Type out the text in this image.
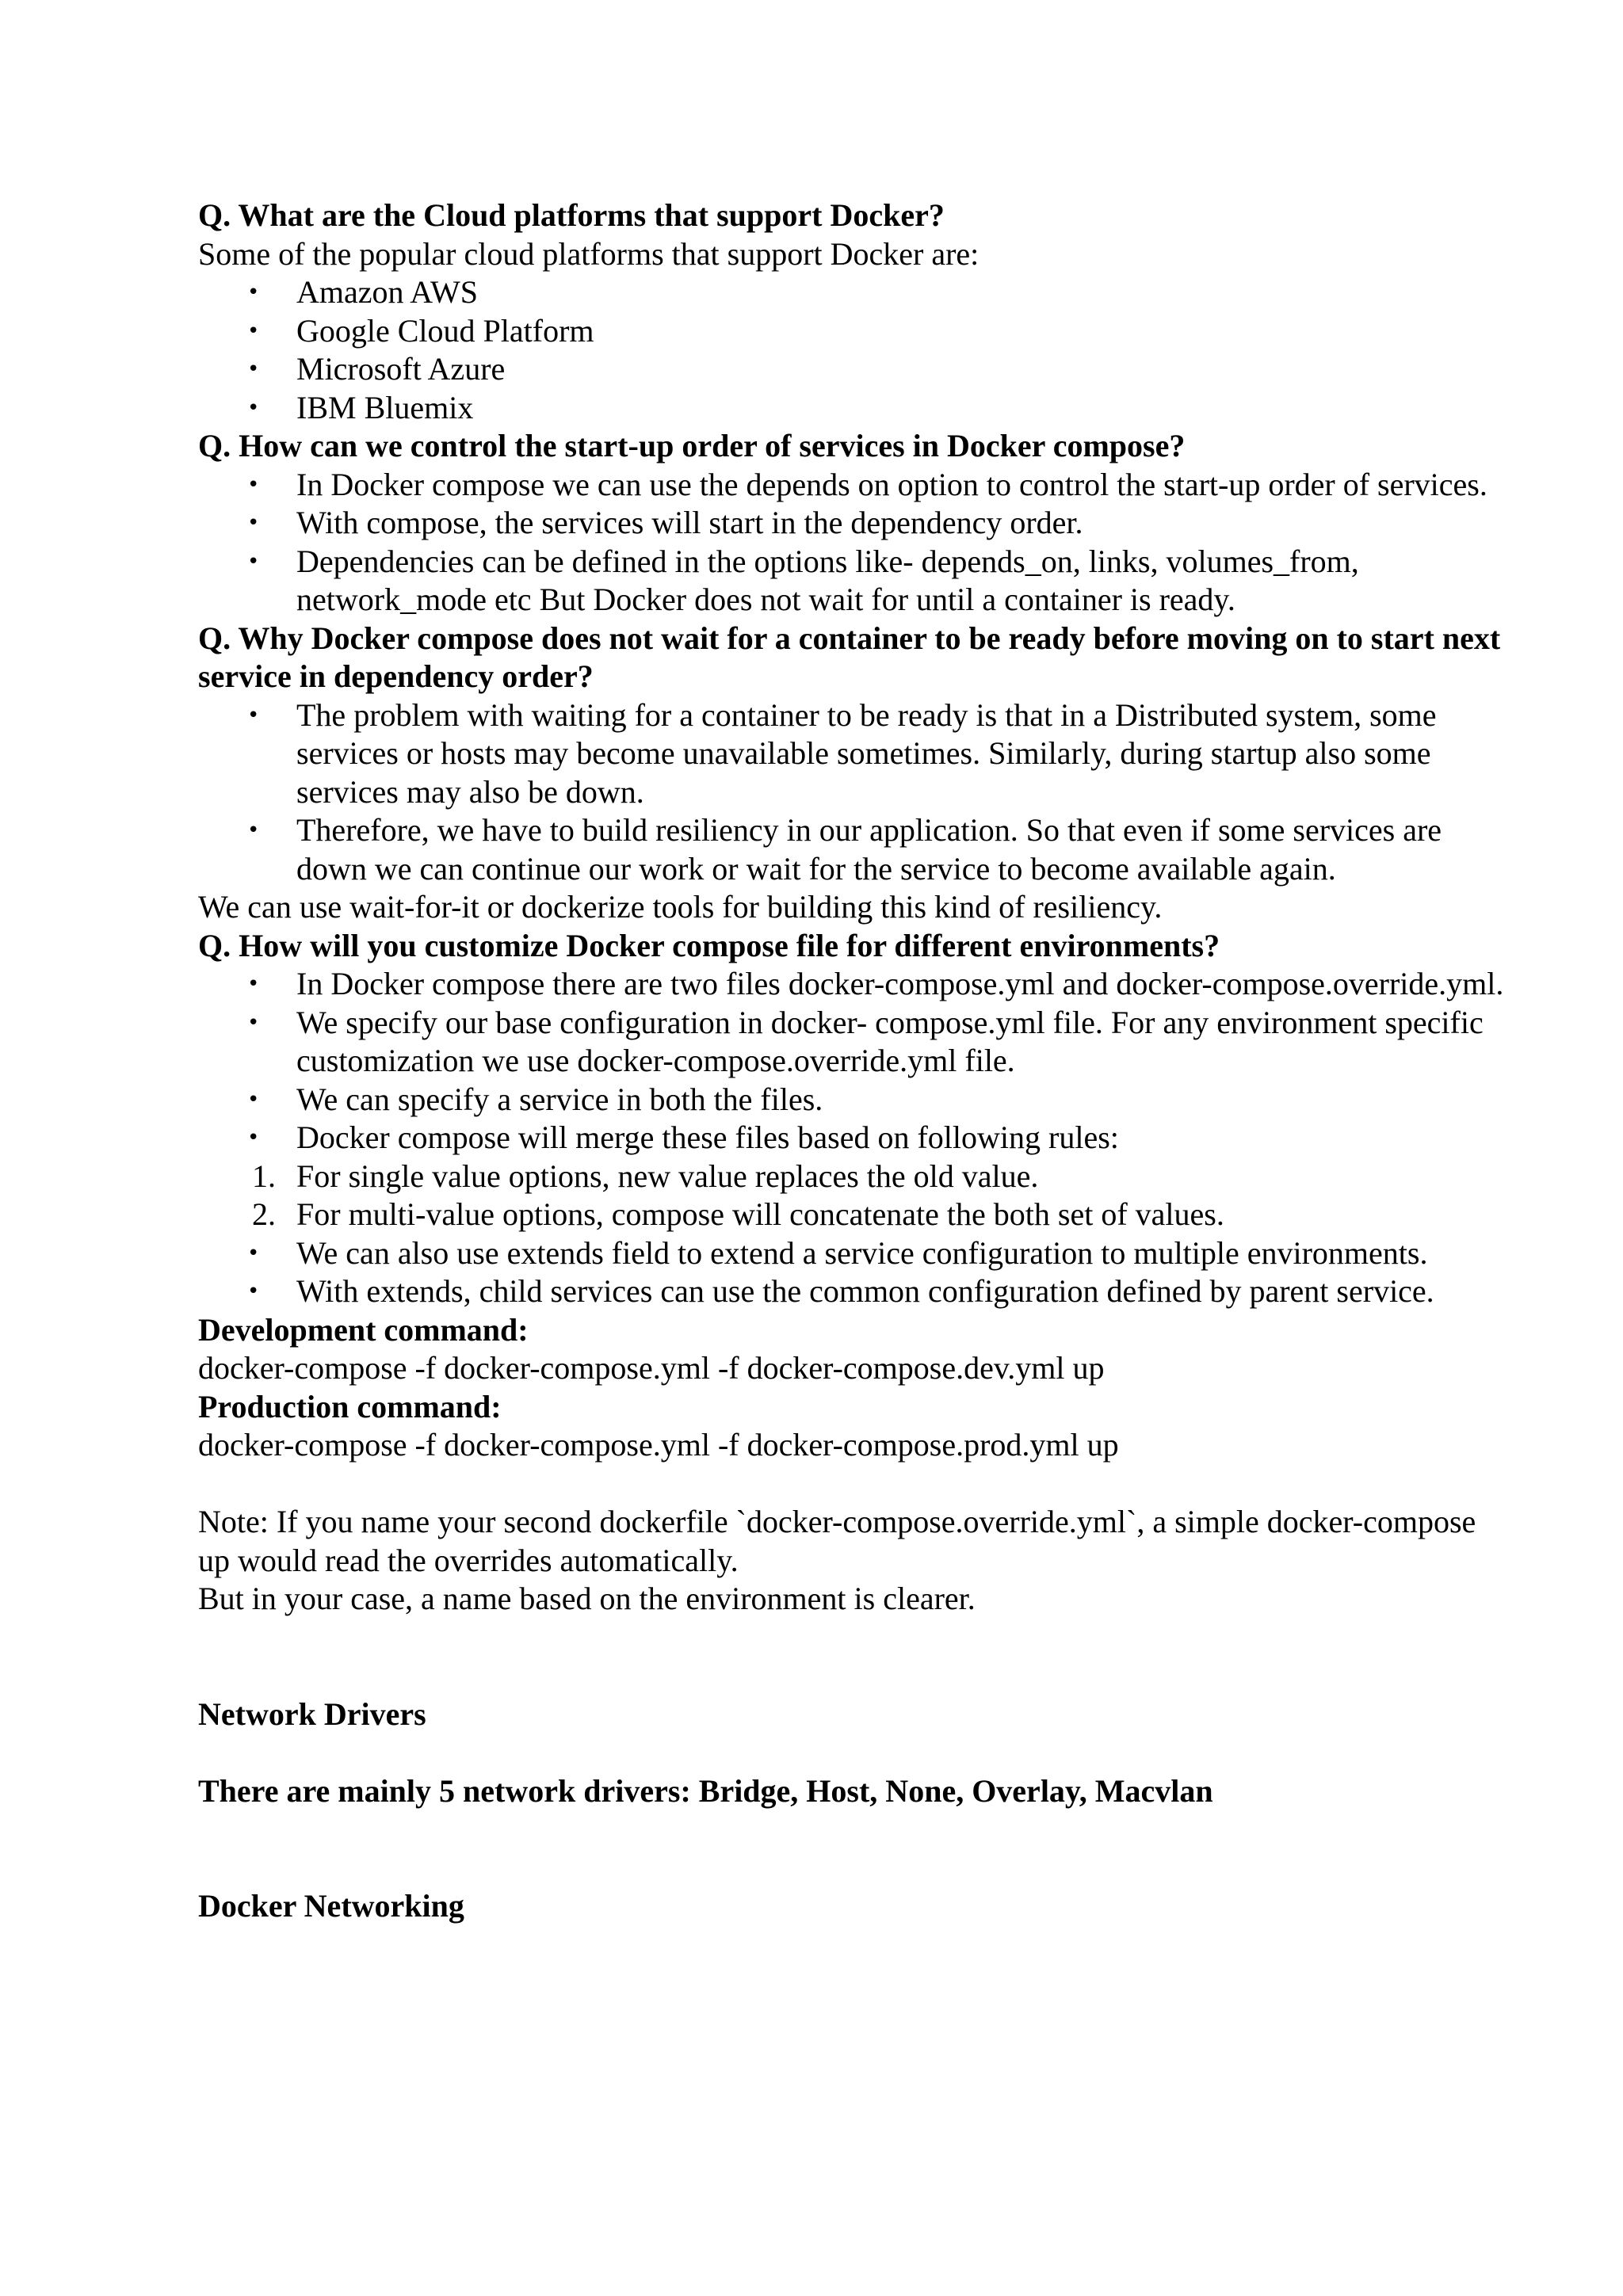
Q. What are the Cloud platforms that support Docker?

Some of the popular cloud platforms that support Docker are:

• Amazon AWS
• Google Cloud Platform
• Microsoft Azure
• IBM Bluemix

Q. How can we control the start-up order of services in Docker compose?

• In Docker compose we can use the depends on option to control the start-up order of services.
• With compose, the services will start in the dependency order.
• Dependencies can be defined in the options like- depends_on, links, volumes_from, network_mode etc But Docker does not wait for until a container is ready.

Q. Why Docker compose does not wait for a container to be ready before moving on to start next service in dependency order?

• The problem with waiting for a container to be ready is that in a Distributed system, some services or hosts may become unavailable sometimes. Similarly, during startup also some services may also be down.
• Therefore, we have to build resiliency in our application. So that even if some services are down we can continue our work or wait for the service to become available again.

We can use wait-for-it or dockerize tools for building this kind of resiliency.

Q. How will you customize Docker compose file for different environments?

• In Docker compose there are two files docker-compose.yml and docker-compose.override.yml.
• We specify our base configuration in docker- compose.yml file. For any environment specific customization we use docker-compose.override.yml file.
• We can specify a service in both the files.
• Docker compose will merge these files based on following rules:
1. For single value options, new value replaces the old value.
2. For multi-value options, compose will concatenate the both set of values.
• We can also use extends field to extend a service configuration to multiple environments.
• With extends, child services can use the common configuration defined by parent service.

Development command:

docker-compose -f docker-compose.yml -f docker-compose.dev.yml up

Production command:

docker-compose -f docker-compose.yml -f docker-compose.prod.yml up

Note: If you name your second dockerfile `docker-compose.override.yml`, a simple docker-compose up would read the overrides automatically.

But in your case, a name based on the environment is clearer.

Network Drivers

There are mainly 5 network drivers: Bridge, Host, None, Overlay, Macvlan

Docker Networking
